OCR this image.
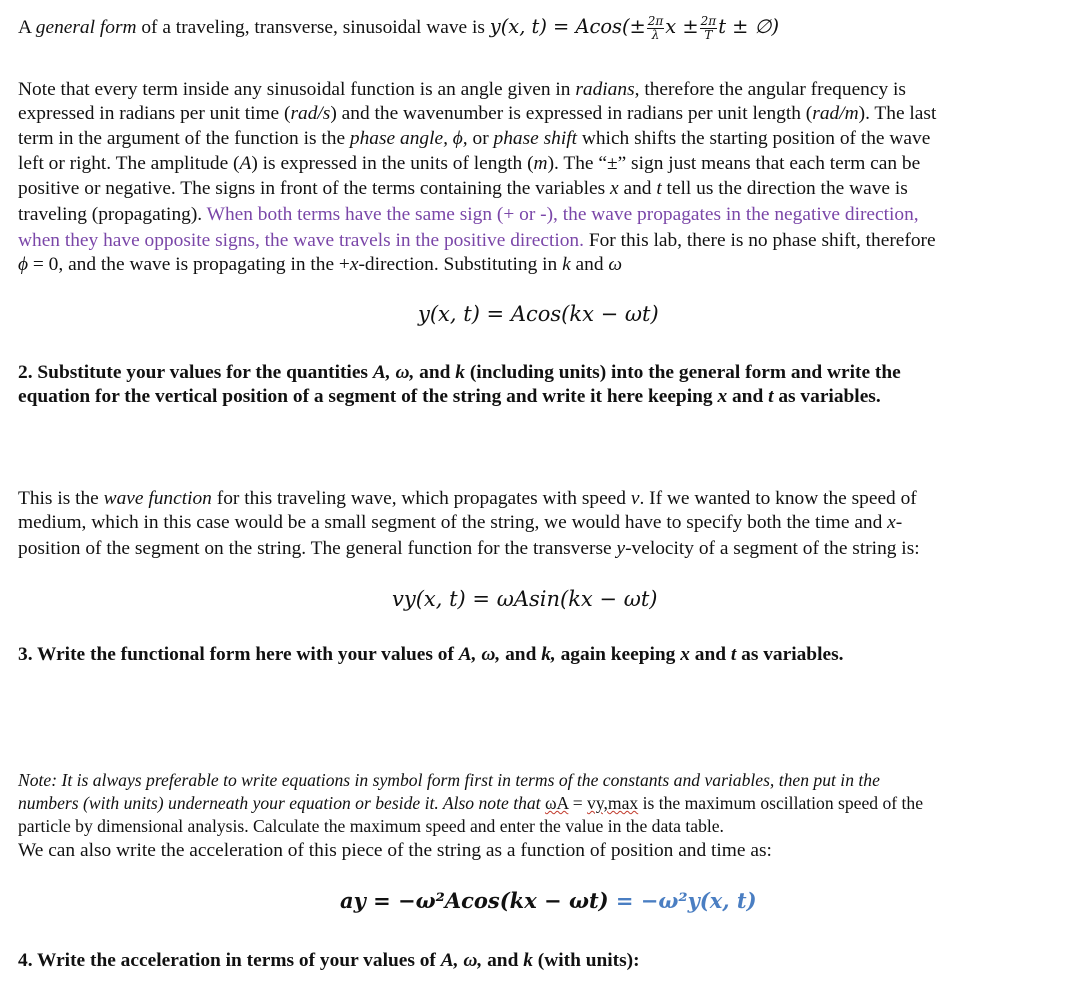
A general form of a traveling, transverse, sinusoidal wave is y(x, $t) = Acos(\pm \frac{2\pi}{\lambda}$ $x \pm \frac{2\pi}{T}$ t ± ∅)
Note that every term inside any sinusoidal function is an angle given in radians, therefore the angular frequency is
expressed in radians per unit time (rad/s) and the wavenumber is expressed in radians per unit length (rad/m). The last
term in the argument of the function is the phase angle, ϕ, or phase shift which shifts the starting position of the wave
left or right. The amplitude (A) is expressed in the units of length (m). The “±” sign just means that each term can be
positive or negative. The signs in front of the terms containing the variables x and t tell us the direction the wave is
traveling (propagating). When both terms have the same sign (+ or -), the wave propagates in the negative direction,
when they have opposite signs, the wave travels in the positive direction. For this lab, there is no phase shift, therefore
ϕ = 0, and the wave is propagating in the +x-direction. Substituting in k and ω
y(x, t) = Acos(kx − ωt)
2. Substitute your values for the quantities A, ω, and k (including units) into the general form and write the
equation for the vertical position of a segment of the string and write it here keeping x and t as variables.
This is the wave function for this traveling wave, which propagates with speed v. If we wanted to know the speed of
medium, which in this case would be a small segment of the string, we would have to specify both the time and x-
position of the segment on the string. The general function for the transverse y-velocity of a segment of the string is:
vy(x, t) = ωAsin(kx − ωt)
3. Write the functional form here with your values of A, ω, and k, again keeping x and t as variables.
Note: It is always preferable to write equations in symbol form first in terms of the constants and variables, then put in the
numbers (with units) underneath your equation or beside it. Also note that ωA = vy,max is the maximum oscillation speed of the
particle by dimensional analysis. Calculate the maximum speed and enter the value in the data table.
We can also write the acceleration of this piece of the string as a function of position and time as:
ay = −ω²Acos(kx − ωt) = −ω²y(x, t)
4. Write the acceleration in terms of your values of A, ω, and k (with units):
